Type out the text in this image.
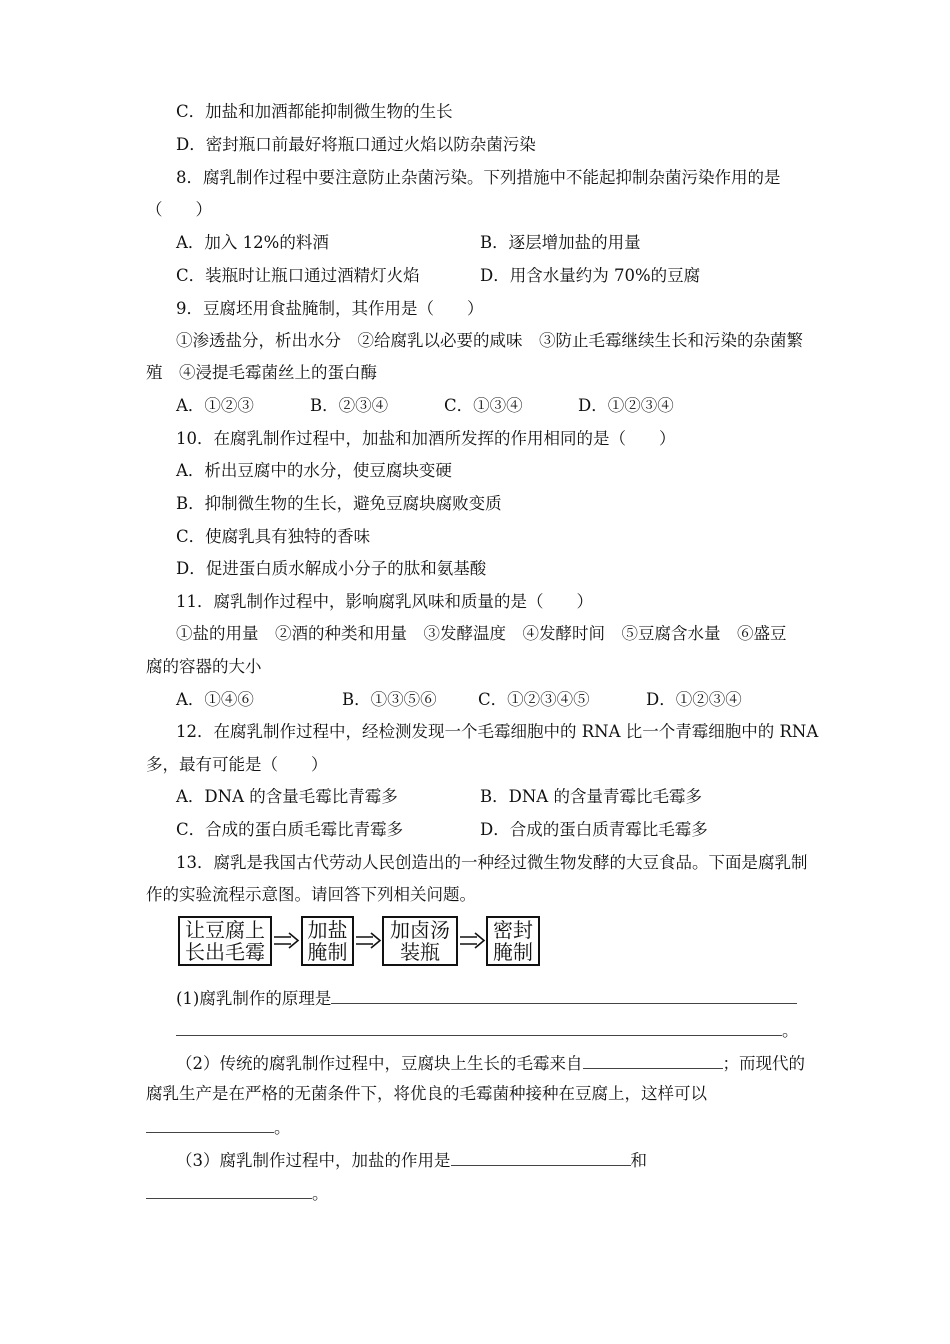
C．加盐和加酒都能抑制微生物的生长
D．密封瓶口前最好将瓶口通过火焰以防杂菌污染
8．腐乳制作过程中要注意防止杂菌污染。下列措施中不能起抑制杂菌污染作用的是
（　　）
A．加入 12%的料酒	B．逐层增加盐的用量
C．装瓶时让瓶口通过酒精灯火焰	D．用含水量约为 70%的豆腐
9．豆腐坯用食盐腌制，其作用是（　　）
①渗透盐分，析出水分　②给腐乳以必要的咸味　③防止毛霉继续生长和污染的杂菌繁
殖　④浸提毛霉菌丝上的蛋白酶
A．①②③	B．②③④	C．①③④	D．①②③④
10．在腐乳制作过程中，加盐和加酒所发挥的作用相同的是（　　）
A．析出豆腐中的水分，使豆腐块变硬
B．抑制微生物的生长，避免豆腐块腐败变质
C．使腐乳具有独特的香味
D．促进蛋白质水解成小分子的肽和氨基酸
11．腐乳制作过程中，影响腐乳风味和质量的是（　　）
①盐的用量　②酒的种类和用量　③发酵温度　④发酵时间　⑤豆腐含水量　⑥盛豆
腐的容器的大小
A．①④⑥	B．①③⑤⑥	C．①②③④⑤	D．①②③④
12．在腐乳制作过程中，经检测发现一个毛霉细胞中的 RNA 比一个青霉细胞中的 RNA
多，最有可能是（　　）
A．DNA 的含量毛霉比青霉多	B．DNA 的含量青霉比毛霉多
C．合成的蛋白质毛霉比青霉多	D．合成的蛋白质青霉比毛霉多
13．腐乳是我国古代劳动人民创造出的一种经过微生物发酵的大豆食品。下面是腐乳制
作的实验流程示意图。请回答下列相关问题。
让豆腐上
长出毛霉
加盐
腌制
加卤汤
装瓶
密封
腌制
(1)腐乳制作的原理是
。
（2）传统的腐乳制作过程中，豆腐块上生长的毛霉来自	；而现代的
腐乳生产是在严格的无菌条件下，将优良的毛霉菌种接种在豆腐上，这样可以
。
（3）腐乳制作过程中，加盐的作用是	和
。
